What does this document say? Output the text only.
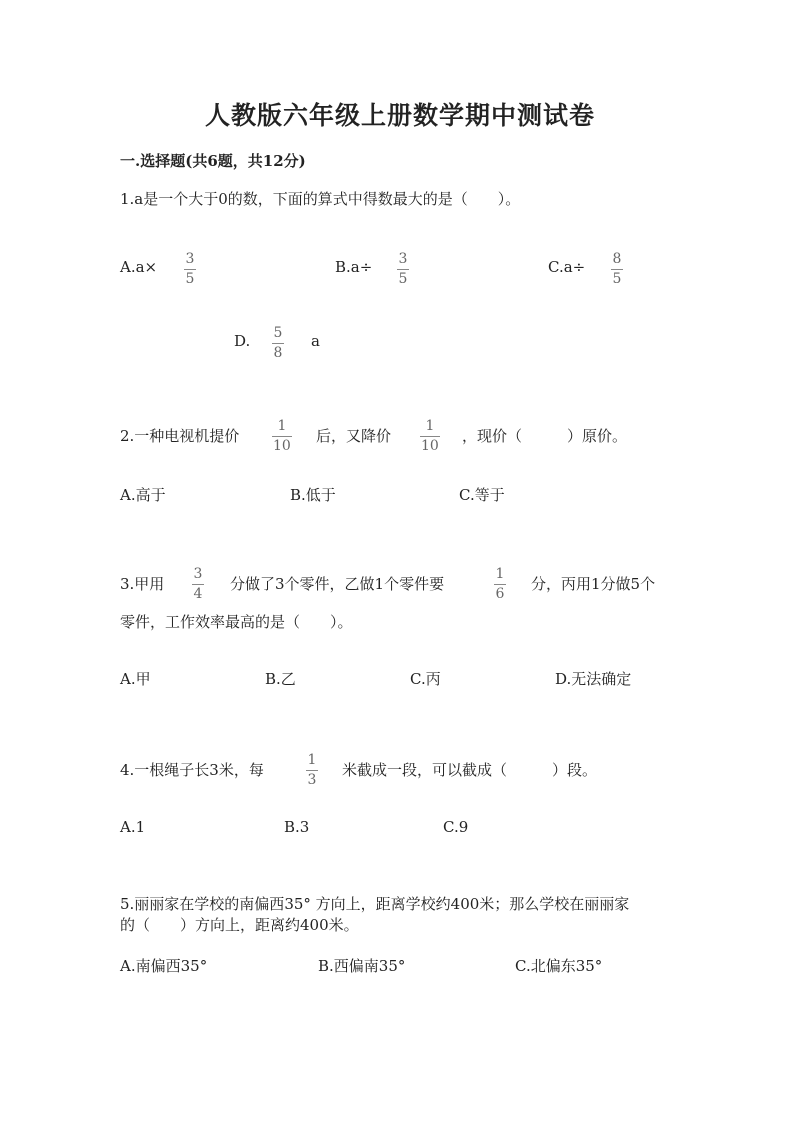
人教版六年级上册数学期中测试卷
一.选择题(共6题，共12分)
1.a是一个大于0的数，下面的算式中得数最大的是（　　）。
A.a× 3
5
B.a÷ 3
5
C.a÷ 8
5
D. 5
8
a
2.一种电视机提价
1
10
后，又降价
1
10
，现价（　　　）原价。
A.高于	B.低于	C.等于
3.甲用
3
4
分做了3个零件，乙做1个零件要
1
6
分，丙用1分做5个
零件，工作效率最高的是（　　）。
A.甲	B.乙	C.丙	D.无法确定
4.一根绳子长3米，每
1
3
米截成一段，可以截成（　　　）段。
A.1	B.3	C.9
5.丽丽家在学校的南偏西35° 方向上，距离学校约400米；那么学校在丽丽家
的（　　）方向上，距离约400米。
A.南偏西35°	B.西偏南35°	C.北偏东35°
